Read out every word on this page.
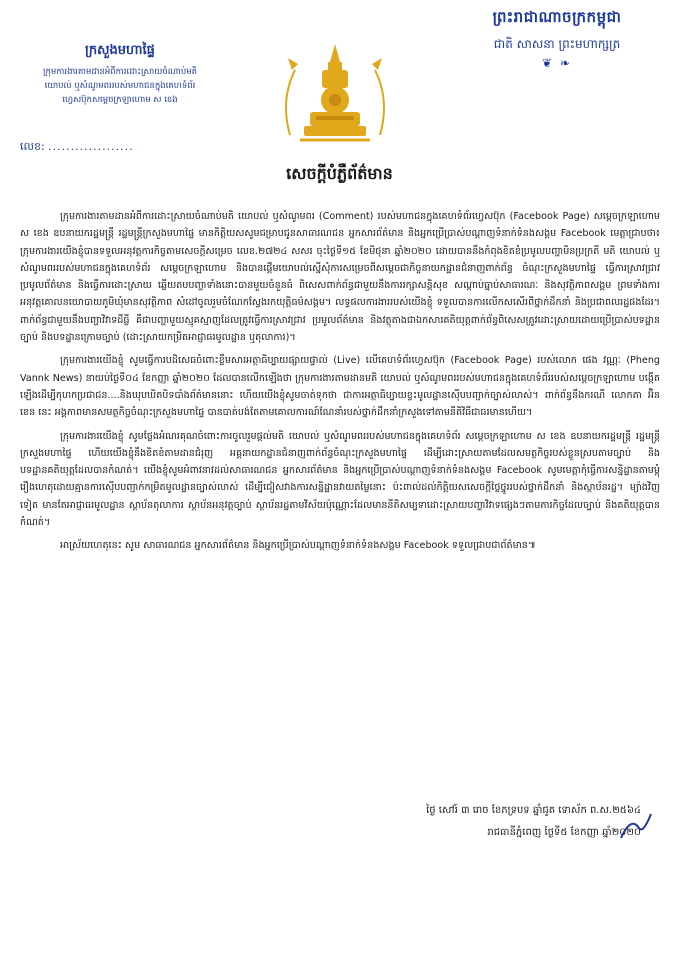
ព្រះរាជាណាចក្រកម្ពុជា
ជាតិ សាសនា ព្រះមហាក្សត្រ
❦ ❧
ក្រសួងមហាផ្ទៃ
ក្រុមការងារតាមដានអំពីការដោះស្រាយចំណាប់មតិ
យោបល់ ឬសំណូមពររបស់មហាជនក្នុងគេហទំព័រ
ហ្វេសប៊ុកសម្ដេចក្រឡាហោម ស ខេង
លេខ: ...................
សេចក្ដីបំភ្លឺព័ត៌មាន

ក្រុមការងារតាមដានអំពីការដោះស្រាយចំណាប់មតិ យោបល់ ឬសំណូមពរ (Comment) របស់មហាជនក្នុងគេហទំព័រហ្វេសប៊ុក (Facebook Page) សម្ដេចក្រឡាហោម ស ខេង ឧបនាយករដ្ឋមន្ត្រី រដ្ឋមន្ត្រីក្រសួងមហាផ្ទៃ មានកិត្តិយសសូមជម្រាបជូនសាធារណជន អ្នកសារព័ត៌មាន និងអ្នកប្រើប្រាស់បណ្ដាញទំនាក់ទំនងសង្គម Facebook មេត្តាជ្រាបថា៖ ក្រុមការងារយើងខ្ញុំបានទទួលអនុវត្តការកិច្ចតាមសេចក្ដីសម្រេច លេខ.២៧២៤ សសរ ចុះថ្ងៃទី១៥ ខែមិថុនា ឆ្នាំ២០២០ ដោយបាននឹងកំពុងខិតខំប្រមូលបញ្ហាមិនប្រក្រតី មតិ យោបល់ ឬសំណូមពររបស់មហាជនក្នុងគេហទំព័រ សម្ដេចក្រឡាហោម និងបានផ្ដើមយោបល់ស្នើសុំការសម្រេចពីសម្ដេចជាកិច្ចនាយកដ្ឋានជំនាញពាក់ព័ន្ធ ចំណុះក្រសួងមហាផ្ទៃ ធ្វើការស្រាវជ្រាវ ប្រមូលព័ត៌មាន និងធ្វើការដោះស្រាយ ឆ្លើយតបបញ្ហាទាំងនោះបានមួយចំនួនធំ ពិសេសពាក់ព័ន្ធជាមួយនឹងការរក្សាសន្តិសុខ សណ្ដាប់ធ្នាប់សាធារណៈ និងសុវត្ថិភាពសង្គម ព្រមទាំងការអនុវត្តគោលនយោបាយភូមិឃុំមានសុវត្ថិភាព សំដៅចូលរួមចំណែកស្វែងរកយុត្តិធម៌សង្គម។ លទ្ធផលការងាររបស់យើងខ្ញុំ ទទួលបានការលើកសសើរពីថ្នាក់ដឹកនាំ និងប្រជាពលរដ្ឋផងដែរ។ ពាក់ព័ន្ធជាមួយនឹងបញ្ហាវិវាទដីធ្លី គឺជាបញ្ហាមួយស្មុគស្មាញដែលត្រូវធ្វើការស្រាវជ្រាវ ប្រមូលព័ត៌មាន និងវត្ថុតាងជាឯកសារគតិយុត្តពាក់ព័ន្ធពិសេសត្រូវដោះស្រាយដោយប្រើប្រាស់បទដ្ឋានច្បាប់ និងបទដ្ឋានក្រោមច្បាប់ (ដោះស្រាយកម្រិតអាជ្ញាធរមូលដ្ឋាន ឬតុលាការ)។

ក្រុមការងារយើងខ្ញុំ សូមធ្វើការបដិសេធចំពោះខ្លឹមសារអត្ថាធិប្បាយផ្សាយផ្ទាល់ (Live) លើគេហទំព័រហ្វេសប៊ុក (Facebook Page) របស់លោក ផេង វណ្ណៈ (Pheng Vannk News) នាយប់ថ្ងៃទី០៤ ខែកញ្ញា ឆ្នាំ២០២០ ដែលបានលើកឡើងថា ក្រុមការងារតាមដានមតិ យោបល់ ឬសំណូមពររបស់មហាជនក្នុងគេហទំព័ររបស់សម្ដេចក្រឡាហោម បង្កើតឡើងដើម្បីកុហកប្រជាជន....និងឃុបឃិតបិទបាំងព័ត៌មាននោះ ហើយយើងខ្ញុំសូមចាត់ទុកថា ជាការអត្ថាធិប្បាយខ្វះមូលដ្ឋានស៊ើបបញ្ជាក់ច្បាស់លាស់។ ពាក់ព័ន្ធនឹងករណី លោកតា អ៊ិន ខេន នេះ អង្គភាពមានសមត្ថកិច្ចចំណុះក្រសួងមហាផ្ទៃ បានបាត់បង់តែតាមគោលការណ៍ណែនាំរបស់ថ្នាក់ដឹកនាំក្រសួងទៅតាមនីតិវិធីជាធរមានហើយ។

ក្រុមការងារយើងខ្ញុំ សូមថ្លែងអំណរគុណចំពោះការចូលរួមផ្ដល់មតិ យោបល់ ឬសំណូមពររបស់មហាជនក្នុងគេហទំព័រ សម្ដេចក្រឡាហោម ស ខេង ឧបនាយករដ្ឋមន្ត្រី រដ្ឋមន្ត្រីក្រសួងមហាផ្ទៃ ហើយយើងខ្ញុំនឹងខិតខំតាមដានជំរុញ អគ្គនាយកដ្ឋានជំនាញពាក់ព័ន្ធចំណុះក្រសួងមហាផ្ទៃ ដើម្បីដោះស្រាយតាមដែលសមត្ថកិច្ចរបស់ខ្លួនស្របតាមច្បាប់ និងបទដ្ឋានគតិយុត្តដែលបានកំណត់។ យើងខ្ញុំសូមអំពាវនាវដល់សាធារណជន អ្នកសារព័ត៌មាន និងអ្នកប្រើប្រាស់បណ្ដាញទំនាក់ទំនងសង្គម Facebook សូមមេត្តាកុំធ្វើការសន្និដ្ឋានតាមម្ដុំរឿងហេតុដោយគ្មានការស៊ើបបញ្ជាក់កម្រិតមូលដ្ឋានច្បាស់លាស់ ដើម្បីជៀសវាងការសន្និដ្ឋានវាយតម្លៃនោះ ប៉ះពាល់ដល់កិត្តិយសសេចក្ដីថ្លៃថ្នូររបស់ថ្នាក់ដឹកនាំ និងស្ថាប័នរដ្ឋ។ ម្យ៉ាងវិញទៀត មានតែអាជ្ញាធរមូលដ្ឋាន ស្ថាប័នតុលាការ ស្ថាប័នអនុវត្តច្បាប់ ស្ថាប័នរដ្ឋតាមវិស័យប៉ុណ្ណោះដែលមាននីតិសម្បទាដោះស្រាយបញ្ហាវិវាទផ្សេងៗតាមភារកិច្ចដែលច្បាប់ និងគតិយុត្តបានកំណត់។

អាស្រ័យហេតុនេះ សូម សាធារណជន អ្នកសារព័ត៌មាន និងអ្នកប្រើប្រាស់បណ្ដាញទំនាក់ទំនងសង្គម Facebook ទទួលជ្រាបជាព័ត៌មាន៕

ថ្ងៃ សៅរ៍ ៣ រោច ខែភទ្របទ ឆ្នាំជូត ទោស័ក ព.ស.២៥៦៤
រាជធានីភ្នំពេញ ថ្ងៃទី៥ ខែកញ្ញា ឆ្នាំ២០២០
